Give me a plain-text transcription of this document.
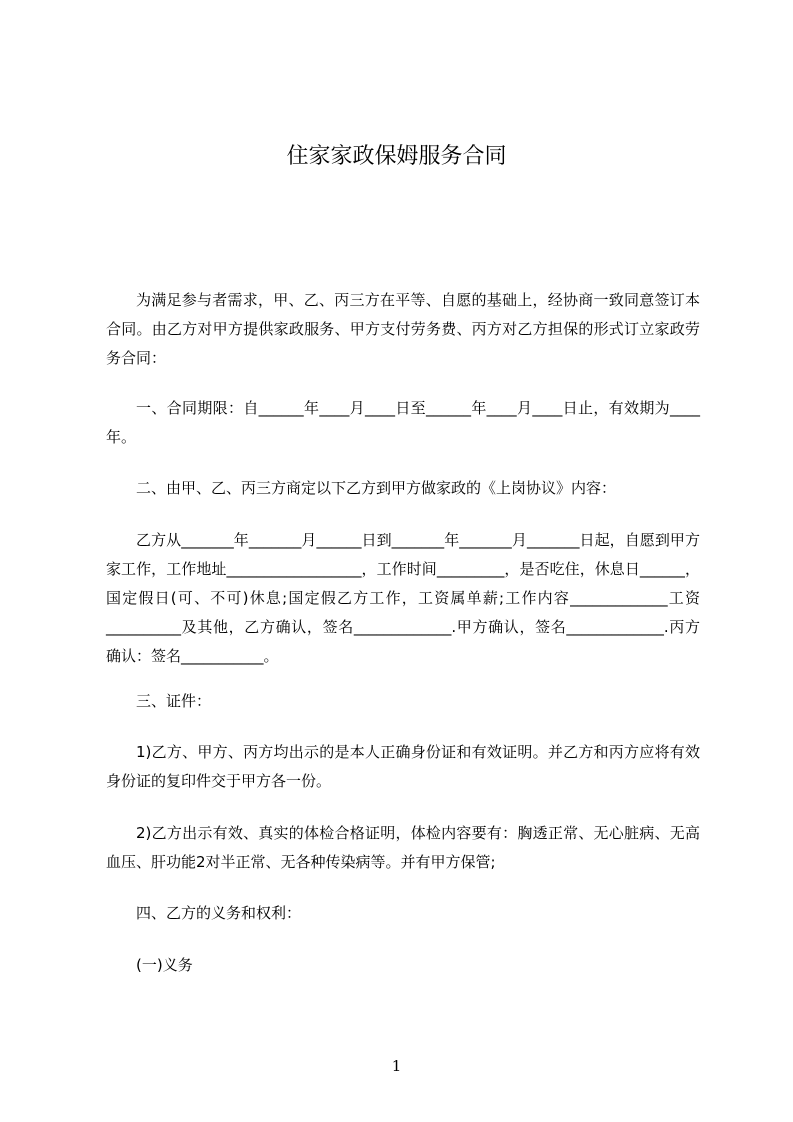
住家家政保姆服务合同

为满足参与者需求，甲、乙、丙三方在平等、自愿的基础上，经协商一致同意签订本合同。由乙方对甲方提供家政服务、甲方支付劳务费、丙方对乙方担保的形式订立家政劳务合同：

一、合同期限：自______年____月____日至______年____月____日止，有效期为____年。

二、由甲、乙、丙三方商定以下乙方到甲方做家政的《上岗协议》内容：

乙方从_______年_______月______日到_______年_______月_______日起，自愿到甲方家工作，工作地址__________________，工作时间_________，是否吃住，休息日______，国定假日(可、不可)休息;国定假乙方工作，工资属单薪;工作内容_____________工资__________及其他，乙方确认，签名_____________.甲方确认，签名_____________.丙方确认：签名___________。

三、证件：

1)乙方、甲方、丙方均出示的是本人正确身份证和有效证明。并乙方和丙方应将有效身份证的复印件交于甲方各一份。

2)乙方出示有效、真实的体检合格证明，体检内容要有：胸透正常、无心脏病、无高血压、肝功能2对半正常、无各种传染病等。并有甲方保管;

四、乙方的义务和权利：

(一)义务

1
